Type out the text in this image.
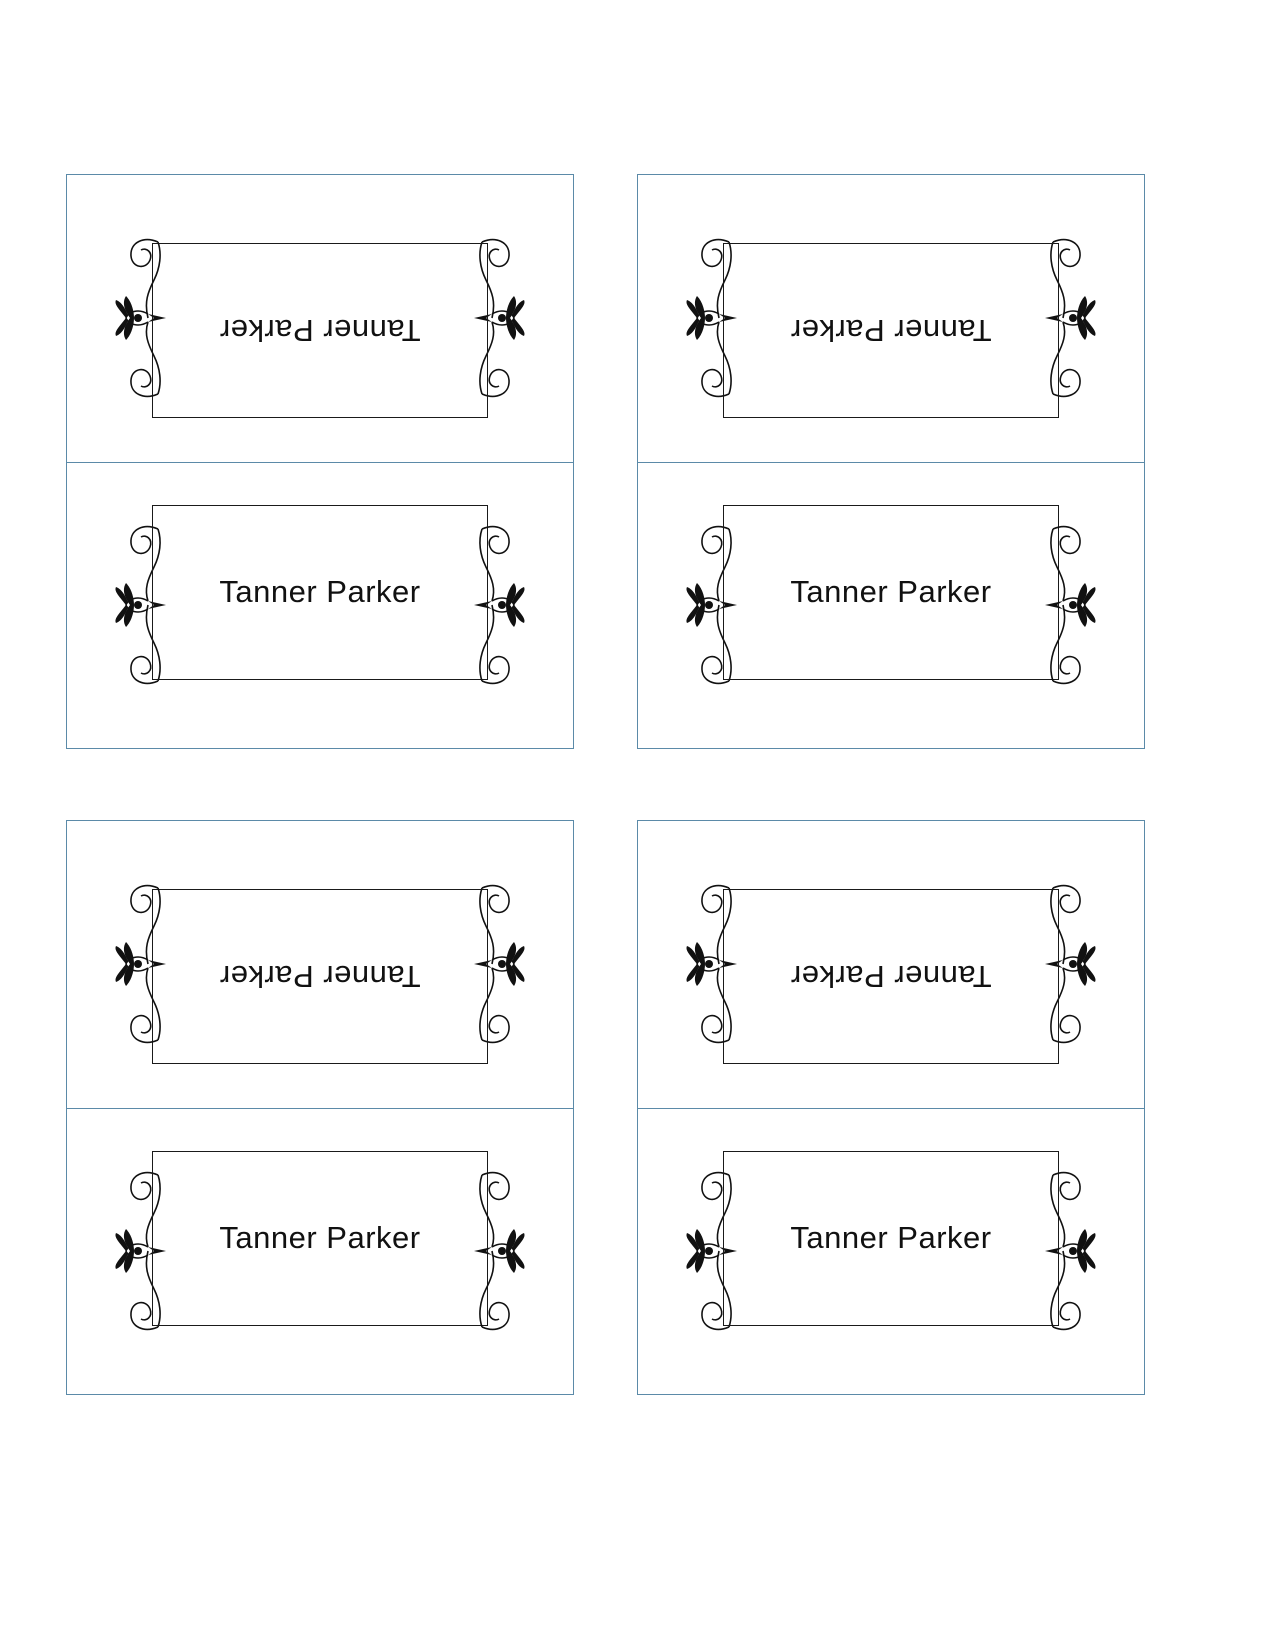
Tanner Parker
Tanner Parker
Tanner Parker
Tanner Parker
Tanner Parker
Tanner Parker
Tanner Parker
Tanner Parker
